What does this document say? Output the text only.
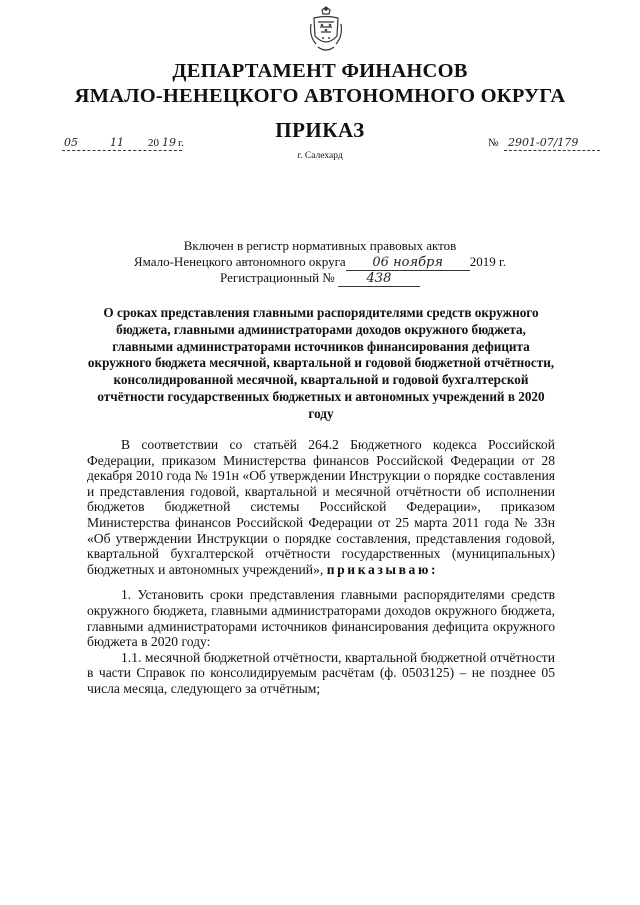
ДЕПАРТАМЕНТ ФИНАНСОВ
ЯМАЛО-НЕНЕЦКОГО АВТОНОМНОГО ОКРУГА
ПРИКАЗ
05	11 20 19 г.	№ 2901-07/179
г. Салехард
Включен в регистр нормативных правовых актов
Ямало-Ненецкого автономного округа 06 ноября 2019 г.
Регистрационный № 438
О сроках представления главными распорядителями средств окружного бюджета, главными администраторами доходов окружного бюджета, главными администраторами источников финансирования дефицита окружного бюджета месячной, квартальной и годовой бюджетной отчётности, консолидированной месячной, квартальной и годовой бухгалтерской отчётности государственных бюджетных и автономных учреждений в 2020 году

В соответствии со статьёй 264.2 Бюджетного кодекса Российской Федерации, приказом Министерства финансов Российской Федерации от 28 декабря 2010 года № 191н «Об утверждении Инструкции о порядке составления и представления годовой, квартальной и месячной отчётности об исполнении бюджетов бюджетной системы Российской Федерации», приказом Министерства финансов Российской Федерации от 25 марта 2011 года № 33н «Об утверждении Инструкции о порядке составления, представления годовой, квартальной бухгалтерской отчётности государственных (муниципальных) бюджетных и автономных учреждений», приказываю:

1. Установить сроки представления главными распорядителями средств окружного бюджета, главными администраторами доходов окружного бюджета, главными администраторами источников финансирования дефицита окружного бюджета в 2020 году:

1.1. месячной бюджетной отчётности, квартальной бюджетной отчётности в части Справок по консолидируемым расчётам (ф. 0503125) – не позднее 05 числа месяца, следующего за отчётным;
